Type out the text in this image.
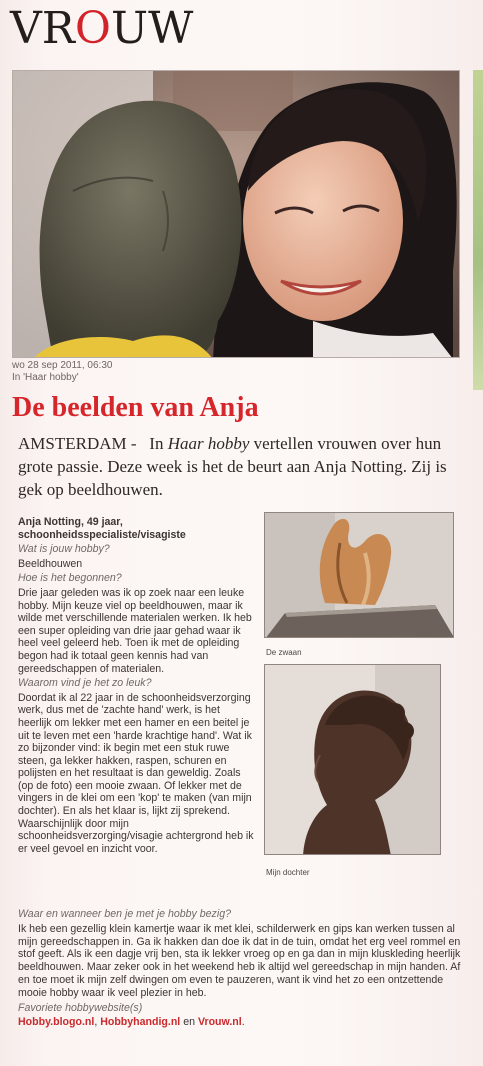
VROUW
wo 28 sep 2011, 06:30
In 'Haar hobby'
De beelden van Anja

AMSTERDAM - In Haar hobby vertellen vrouwen over hun grote passie. Deze week is het de beurt aan Anja Notting. Zij is gek op beeldhouwen.

Anja Notting, 49 jaar,
schoonheidsspecialiste/visagiste
Wat is jouw hobby?
Beeldhouwen
Hoe is het begonnen?
Drie jaar geleden was ik op zoek naar een leuke hobby. Mijn keuze viel op beeldhouwen, maar ik wilde met verschillende materialen werken. Ik heb een super opleiding van drie jaar gehad waar ik heel veel geleerd heb. Toen ik met de opleiding begon had ik totaal geen kennis had van gereedschappen of materialen.
Waarom vind je het zo leuk?
Doordat ik al 22 jaar in de schoonheidsverzorging werk, dus met de 'zachte hand' werk, is het heerlijk om lekker met een hamer en een beitel je uit te leven met een 'harde krachtige hand'. Wat ik zo bijzonder vind: ik begin met een stuk ruwe steen, ga lekker hakken, raspen, schuren en polijsten en het resultaat is dan geweldig. Zoals (op de foto) een mooie zwaan. Of lekker met de vingers in de klei om een 'kop' te maken (van mijn dochter). En als het klaar is, lijkt zij sprekend. Waarschijnlijk door mijn schoonheidsverzorging/visagie achtergrond heb ik er veel gevoel en inzicht voor.
Waar en wanneer ben je met je hobby bezig?
Ik heb een gezellig klein kamertje waar ik met klei, schilderwerk en gips kan werken tussen al mijn gereedschappen in. Ga ik hakken dan doe ik dat in de tuin, omdat het erg veel rommel en stof geeft. Als ik een dagje vrij ben, sta ik lekker vroeg op en ga dan in mijn kluskleding heerlijk beeldhouwen. Maar zeker ook in het weekend heb ik altijd wel gereedschap in mijn handen. Af en toe moet ik mijn zelf dwingen om even te pauzeren, want ik vind het zo een ontzettende mooie hobby waar ik veel plezier in heb.
Favoriete hobbywebsite(s)
Hobby.blogo.nl, Hobbyhandig.nl en Vrouw.nl.
De zwaan
Mijn dochter
